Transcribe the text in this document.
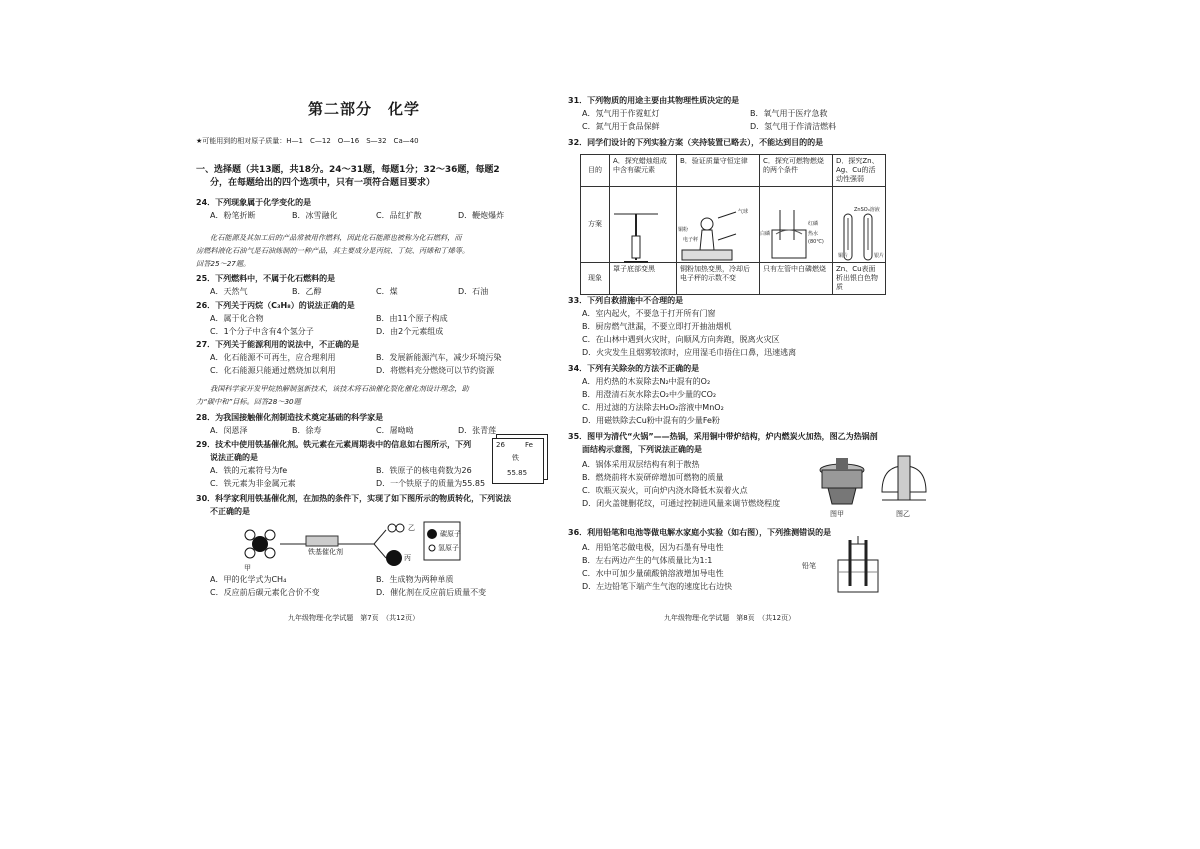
第二部分　化学
★可能用到的相对原子质量：H—1　C—12　O—16　S—32　Ca—40
一、选择题（共13题，共18分。24～31题，每题1分；32～36题，每题2
分，在每题给出的四个选项中，只有一项符合题目要求）
24．下列现象属于化学变化的是
A．粉笔折断	B．冰雪融化	C．品红扩散	D．鞭炮爆炸
化石能源及其加工后的产品常被用作燃料，因此化石能源也被称为化石燃料，而
房燃料液化石油气是石油炼制的一种产品，其主要成分是丙烷、丁烷、丙烯和丁烯等。
回答25～27题。
25．下列燃料中，不属于化石燃料的是
A．天然气	B．乙醇	C．煤	D．石油
26．下列关于丙烷（C₃H₈）的说法正确的是
A．属于化合物	B．由11个原子构成
C．1个分子中含有4个氢分子	D．由2个元素组成
27．下列关于能源利用的说法中，不正确的是
A．化石能源不可再生，应合理利用	B．发展新能源汽车，减少环境污染
C．化石能源只能通过燃烧加以利用	D．将燃料充分燃烧可以节约资源
我国科学家开发甲烷热解制氢新技术，该技术将石油催化裂化催化剂设计理念，助
力“碳中和”目标。回答28～30题
28．为我国接触催化剂制造技术奠定基础的科学家是
A．闵恩泽	B．徐寿	C．屠呦呦	D．张青莲
29．技术中使用铁基催化剂。铁元素在元素周期表中的信息如右图所示，下列
说法正确的是
A．铁的元素符号为fe	B．铁原子的核电荷数为26
C．铁元素为非金属元素	D．一个铁原子的质量为55.85
26	Fe
铁
55.85
30．科学家利用铁基催化剂，在加热的条件下，实现了如下图所示的物质转化，下列说法
不正确的是
甲
铁基催化剂
乙
丙
碳原子
氢原子
A．甲的化学式为CH₄	B．生成物为两种单质
C．反应前后碳元素化合价不变	D．催化剂在反应前后质量不变
九年级物理·化学试题　第7页　（共12页）
31．下列物质的用途主要由其物理性质决定的是
A．氖气用于作霓虹灯	B．氧气用于医疗急救
C．氮气用于食品保鲜	D．氢气用于作清洁燃料
32．同学们设计的下列实验方案（夹持装置已略去），不能达到目的的是
目的	A．探究蜡烛组成中含有碳元素	B．验证质量守恒定律	C．探究可燃物燃烧的两个条件	D．探究Zn、Ag、Cu的活动性强弱
方案				
现象	罩子底部变黑	铜粉加热变黑，冷却后电子秤的示数不变	只有左管中白磷燃烧	Zn、Cu表面析出银白色物质
电子秤
铜粉
气球
白磷
红磷
热水
(80℃)
ZnSO₄溶液
铜片	银片
33．下列自救措施中不合理的是
A．室内起火，不要急于打开所有门窗
B．厨房燃气泄漏，不要立即打开抽油烟机
C．在山林中遇到火灾时，向顺风方向奔跑，脱离火灾区
D．火灾发生且烟雾较浓时，应用湿毛巾捂住口鼻，迅速逃离
34．下列有关除杂的方法不正确的是
A．用灼热的木炭除去N₂中混有的O₂
B．用澄清石灰水除去O₂中少量的CO₂
C．用过滤的方法除去H₂O₂溶液中MnO₂
D．用磁铁除去Cu粉中混有的少量Fe粉
35．图甲为清代“火锅”——热锅，采用铜中带炉结构，炉内燃炭火加热，图乙为热锅剖
面结构示意图，下列说法正确的是
A．锅体采用双层结构有利于散热
B．燃烧前将木炭研碎增加可燃物的质量
C．吹瓶灭炭火，可向炉内浇水降低木炭着火点
D．闭火盖键删花纹，可通过控制进风量来调节燃烧程度
图甲	图乙
36．利用铅笔和电池等做电解水家庭小实验（如右图），下列推测错误的是
A．用铅笔芯做电极，因为石墨有导电性
B．左右两边产生的气体质量比为1:1
C．水中可加少量硫酸钠溶液增加导电性
D．左边铅笔下端产生气泡的速度比右边快
铅笔
九年级物理·化学试题　第8页　（共12页）
